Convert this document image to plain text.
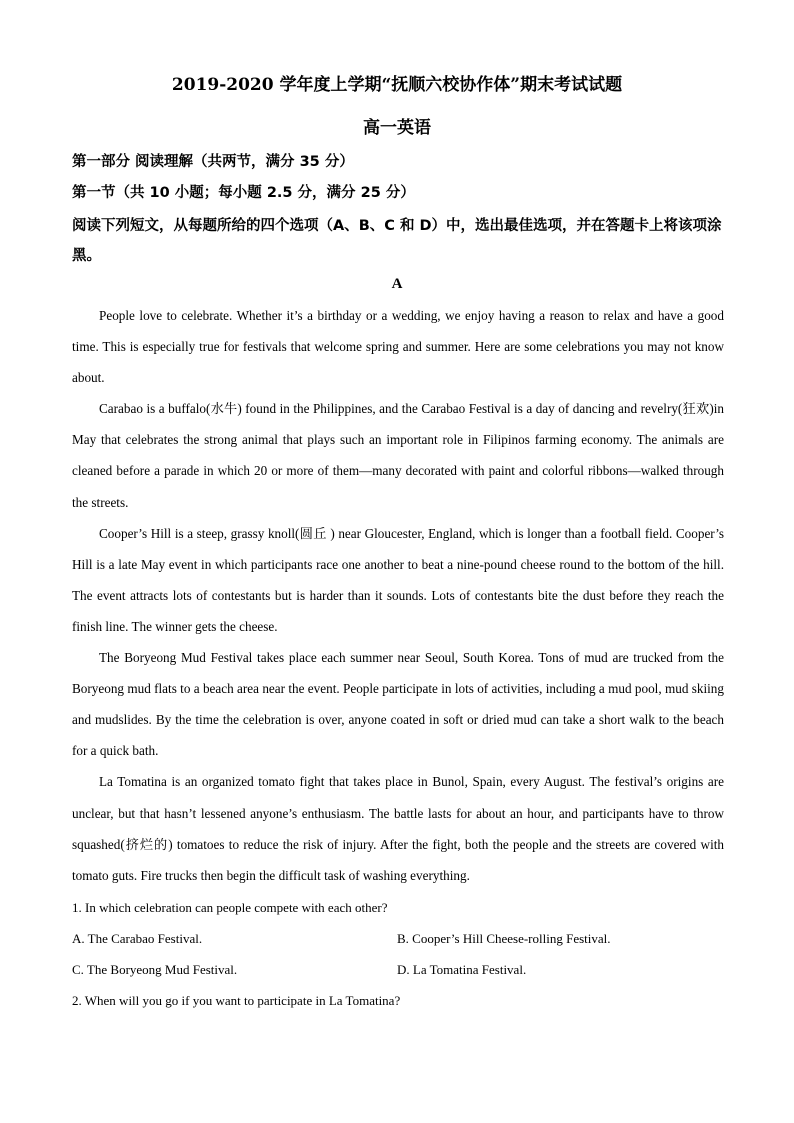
2019-2020 学年度上学期“抚顺六校协作体”期末考试试题
高一英语
第一部分 阅读理解（共两节，满分 35 分）
第一节（共 10 小题；每小题 2.5 分，满分 25 分）
阅读下列短文，从每题所给的四个选项（A、B、C 和 D）中，选出最佳选项，并在答题卡上将该项涂黑。
A

People love to celebrate. Whether it’s a birthday or a wedding, we enjoy having a reason to relax and have a good time. This is especially true for festivals that welcome spring and summer. Here are some celebrations you may not know about.

Carabao is a buffalo(水牛) found in the Philippines, and the Carabao Festival is a day of dancing and revelry(狂欢)in May that celebrates the strong animal that plays such an important role in Filipinos farming economy. The animals are cleaned before a parade in which 20 or more of them—many decorated with paint and colorful ribbons—walked through the streets.

Cooper’s Hill is a steep, grassy knoll(圆丘 ) near Gloucester, England, which is longer than a football field. Cooper’s Hill is a late May event in which participants race one another to beat a nine-pound cheese round to the bottom of the hill. The event attracts lots of contestants but is harder than it sounds. Lots of contestants bite the dust before they reach the finish line. The winner gets the cheese.

The Boryeong Mud Festival takes place each summer near Seoul, South Korea. Tons of mud are trucked from the Boryeong mud flats to a beach area near the event. People participate in lots of activities, including a mud pool, mud skiing and mudslides. By the time the celebration is over, anyone coated in soft or dried mud can take a short walk to the beach for a quick bath.

La Tomatina is an organized tomato fight that takes place in Bunol, Spain, every August. The festival’s origins are unclear, but that hasn’t lessened anyone’s enthusiasm. The battle lasts for about an hour, and participants have to throw squashed(挤烂的) tomatoes to reduce the risk of injury. After the fight, both the people and the streets are covered with tomato guts. Fire trucks then begin the difficult task of washing everything.

1. In which celebration can people compete with each other?
A. The Carabao Festival.	B. Cooper’s Hill Cheese-rolling Festival.
C. The Boryeong Mud Festival.	D. La Tomatina Festival.
2. When will you go if you want to participate in La Tomatina?
